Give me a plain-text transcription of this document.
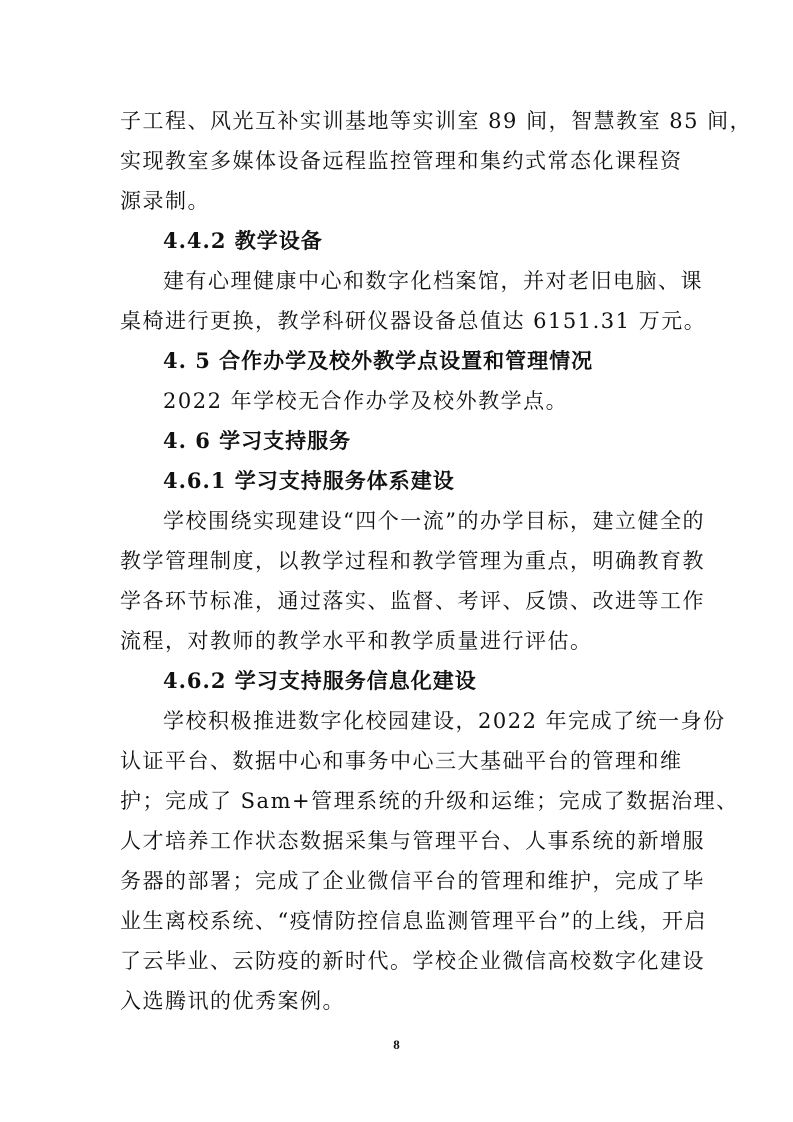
子工程、风光互补实训基地等实训室 89 间，智慧教室 85 间，
实现教室多媒体设备远程监控管理和集约式常态化课程资
源录制。
4.4.2 教学设备
建有心理健康中心和数字化档案馆，并对老旧电脑、课
桌椅进行更换，教学科研仪器设备总值达 6151.31 万元。
4. 5 合作办学及校外教学点设置和管理情况
2022 年学校无合作办学及校外教学点。
4. 6 学习支持服务
4.6.1 学习支持服务体系建设
学校围绕实现建设“四个一流”的办学目标，建立健全的
教学管理制度，以教学过程和教学管理为重点，明确教育教
学各环节标准，通过落实、监督、考评、反馈、改进等工作
流程，对教师的教学水平和教学质量进行评估。
4.6.2 学习支持服务信息化建设
学校积极推进数字化校园建设，2022 年完成了统一身份
认证平台、数据中心和事务中心三大基础平台的管理和维
护；完成了 Sam+管理系统的升级和运维；完成了数据治理、
人才培养工作状态数据采集与管理平台、人事系统的新增服
务器的部署；完成了企业微信平台的管理和维护，完成了毕
业生离校系统、“疫情防控信息监测管理平台”的上线，开启
了云毕业、云防疫的新时代。学校企业微信高校数字化建设
入选腾讯的优秀案例。
8
